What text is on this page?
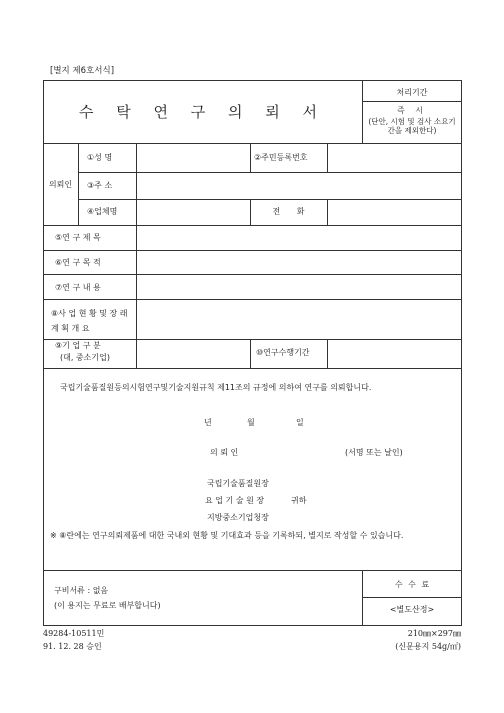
[별지 제6호서식]
수 탁 연 구 의 뢰 서
처리기간
즉 시
(단안, 시험 및 검사 소요기간을 제외한다)
의뢰인
①성 명	②주민등록번호
③주 소
④업체명	전 화
⑤연 구 제 목
⑥연 구 목 적
⑦연 구 내 용
⑧사 업 현 황 및 장 래 계 획 개 요
⑨기 업 구 분
(대, 중소기업)
⑩연구수행기간
국립기술품질원등의시험연구및기술지원규칙 제11조의 규정에 의하여 연구를 의뢰합니다.
년	월	일
의 뢰 인	(서명 또는 날인)
국립기술품질원장
요 업 기 술 원 장	귀하
지방중소기업청장
※ ⑧란에는 연구의뢰제품에 대한 국내외 현황 및 기대효과 등을 기록하되, 별지로 작성할 수 있습니다.
구비서류 : 없음
(이 용지는 무료로 배부합니다)
수 수 료
<별도산정>
49284-10511민
91. 12. 28 승인
210㎜×297㎜
(신문용지 54g/㎡)
